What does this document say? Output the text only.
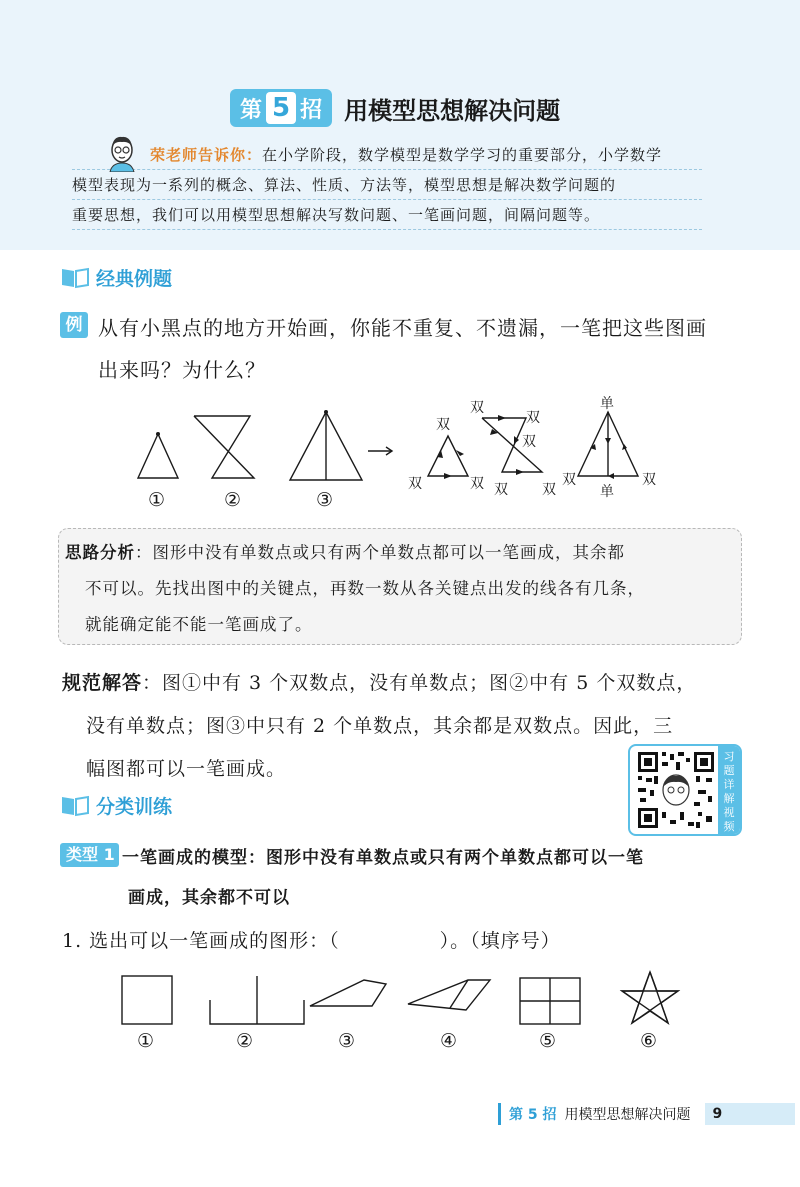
第 5 招 用模型思想解决问题
荣老师告诉你：在小学阶段，数学模型是数学学习的重要部分，小学数学
模型表现为一系列的概念、算法、性质、方法等，模型思想是解决数学问题的
重要思想，我们可以用模型思想解决写数问题、一笔画问题，间隔问题等。
经典例题
例 从有小黑点的地方开始画，你能不重复、不遗漏，一笔把这些图画
出来吗？为什么？
双
双	双
双
双
双
双 双
单
双	双
单
①	②	③
思路分析：图形中没有单数点或只有两个单数点都可以一笔画成，其余都
不可以。先找出图中的关键点，再数一数从各关键点出发的线各有几条，
就能确定能不能一笔画成了。
规范解答：图①中有 3 个双数点，没有单数点；图②中有 5 个双数点，
没有单数点；图③中只有 2 个单数点，其余都是双数点。因此，三
幅图都可以一笔画成。
习
题
详
解
视
频
分类训练
类型 1 一笔画成的模型：图形中没有单数点或只有两个单数点都可以一笔
画成，其余都不可以
1. 选出可以一笔画成的图形：（　　　　　）。（填序号）
①	②	③	④	⑤	⑥
第 5 招 用模型思想解决问题	9
